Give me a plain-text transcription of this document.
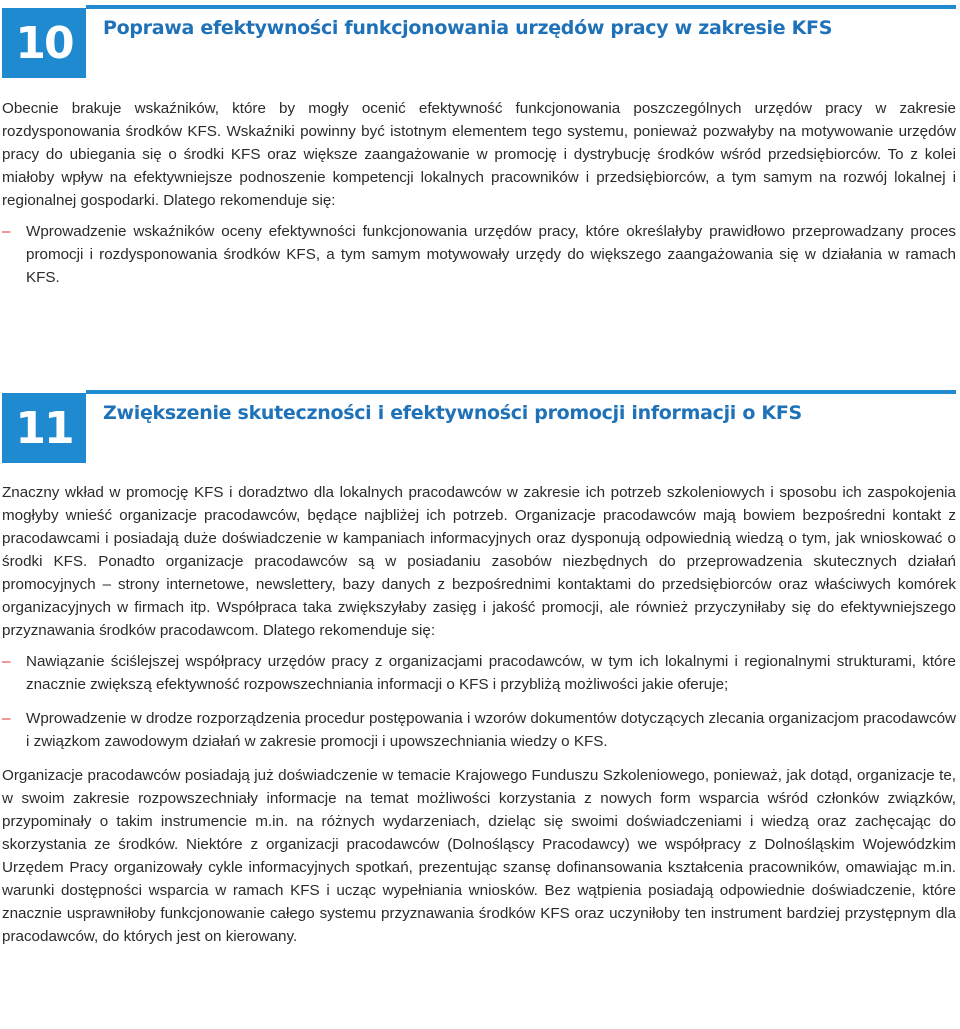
10	Poprawa efektywności funkcjonowania urzędów pracy w zakresie KFS

Obecnie brakuje wskaźników, które by mogły ocenić efektywność funkcjonowania poszczególnych urzędów pracy w zakresie rozdysponowania środków KFS. Wskaźniki powinny być istotnym elementem tego systemu, ponieważ pozwałyby na motywowanie urzędów pracy do ubiegania się o środki KFS oraz większe zaangażowanie w promocję i dystrybucję środków wśród przedsiębiorców. To z kolei miałoby wpływ na efektywniejsze podnoszenie kompetencji lokalnych pracowników i przedsiębiorców, a tym samym na rozwój lokalnej i regionalnej gospodarki. Dlatego rekomenduje się:

– Wprowadzenie wskaźników oceny efektywności funkcjonowania urzędów pracy, które określałyby prawidłowo przeprowadzany proces promocji i rozdysponowania środków KFS, a tym samym motywowały urzędy do większego zaangażowania się w działania w ramach KFS.
11	Zwiększenie skuteczności i efektywności promocji informacji o KFS

Znaczny wkład w promocję KFS i doradztwo dla lokalnych pracodawców w zakresie ich potrzeb szkoleniowych i sposobu ich zaspokojenia mogłyby wnieść organizacje pracodawców, będące najbliżej ich potrzeb. Organizacje pracodawców mają bowiem bezpośredni kontakt z pracodawcami i posiadają duże doświadczenie w kampaniach informacyjnych oraz dysponują odpowiednią wiedzą o tym, jak wnioskować o środki KFS. Ponadto organizacje pracodawców są w posiadaniu zasobów niezbędnych do przeprowadzenia skutecznych działań promocyjnych – strony internetowe, newslettery, bazy danych z bezpośrednimi kontaktami do przedsiębiorców oraz właściwych komórek organizacyjnych w firmach itp. Współpraca taka zwiększyłaby zasięg i jakość promocji, ale również przyczyniłaby się do efektywniejszego przyznawania środków pracodawcom. Dlatego rekomenduje się:

– Nawiązanie ściślejszej współpracy urzędów pracy z organizacjami pracodawców, w tym ich lokalnymi i regionalnymi strukturami, które znacznie zwiększą efektywność rozpowszechniania informacji o KFS i przybliżą możliwości jakie oferuje;
– Wprowadzenie w drodze rozporządzenia procedur postępowania i wzorów dokumentów dotyczących zlecania organizacjom pracodawców i związkom zawodowym działań w zakresie promocji i upowszechniania wiedzy o KFS.

Organizacje pracodawców posiadają już doświadczenie w temacie Krajowego Funduszu Szkoleniowego, ponieważ, jak dotąd, organizacje te, w swoim zakresie rozpowszechniały informacje na temat możliwości korzystania z nowych form wsparcia wśród członków związków, przypominały o takim instrumencie m.in. na różnych wydarzeniach, dzieląc się swoimi doświadczeniami i wiedzą oraz zachęcając do skorzystania ze środków. Niektóre z organizacji pracodawców (Dolnośląscy Pracodawcy) we współpracy z Dolnośląskim Wojewódzkim Urzędem Pracy organizowały cykle informacyjnych spotkań, prezentując szansę dofinansowania kształcenia pracowników, omawiając m.in. warunki dostępności wsparcia w ramach KFS i ucząc wypełniania wniosków. Bez wątpienia posiadają odpowiednie doświadczenie, które znacznie usprawniłoby funkcjonowanie całego systemu przyznawania środków KFS oraz uczyniłoby ten instrument bardziej przystępnym dla pracodawców, do których jest on kierowany.
